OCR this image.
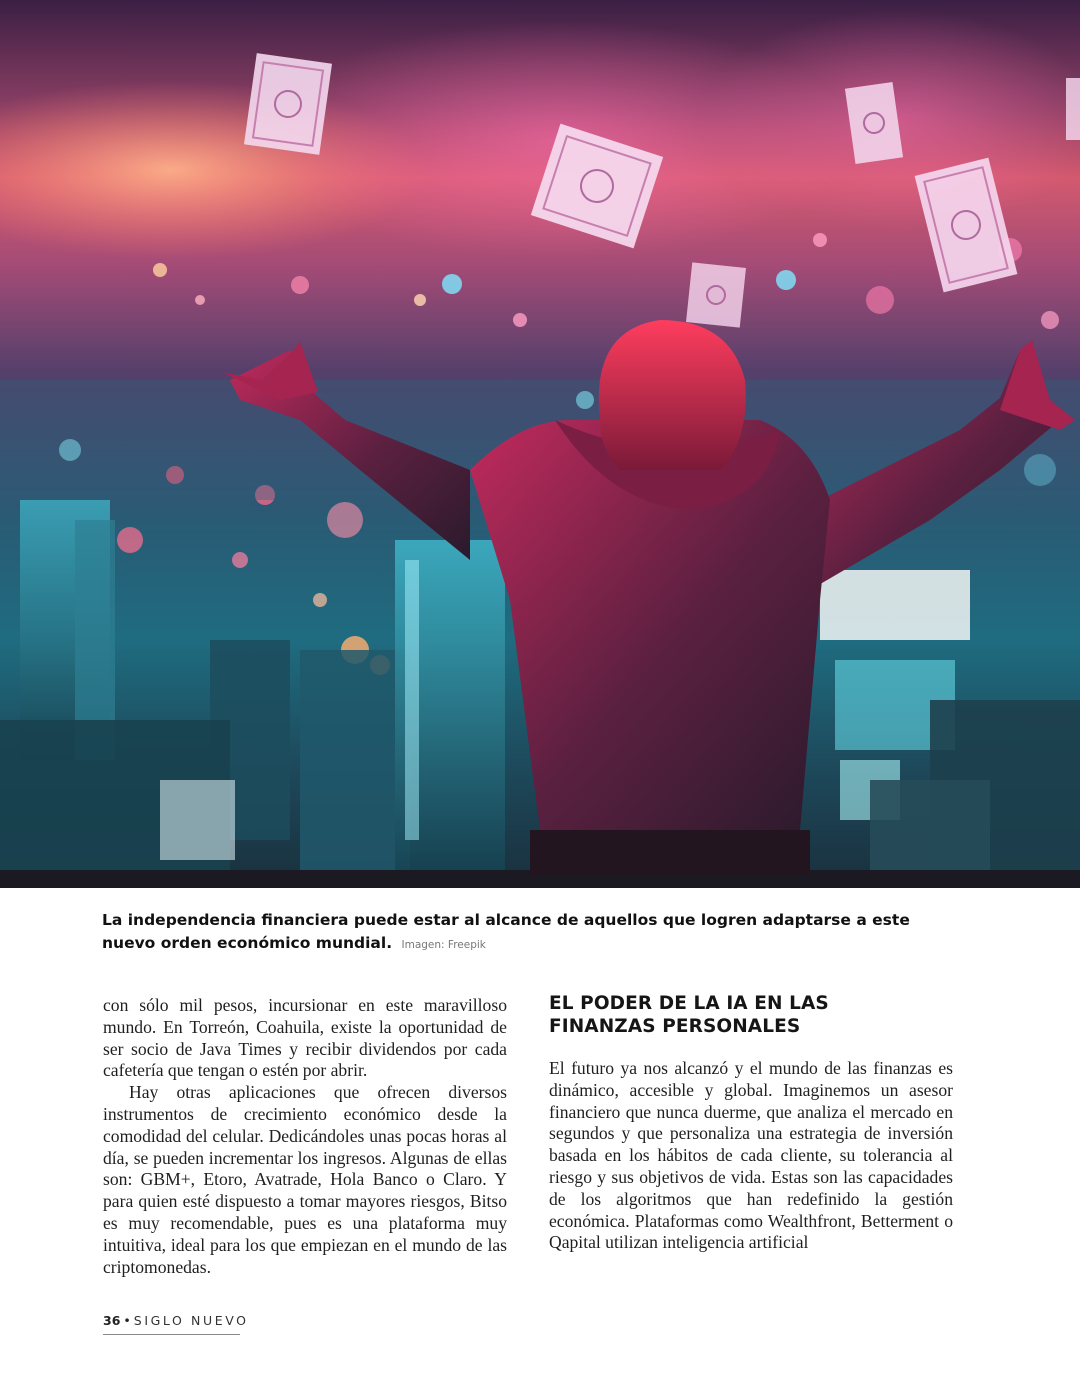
La independencia financiera puede estar al alcance de aquellos que logren adaptarse a este nuevo orden económico mundial. Imagen: Freepik

con sólo mil pesos, incursionar en este maravilloso mundo. En Torreón, Coahuila, existe la oportunidad de ser socio de Java Times y recibir dividendos por cada cafetería que tengan o estén por abrir.

Hay otras aplicaciones que ofrecen diversos instrumentos de crecimiento económico desde la comodidad del celular. Dedicándoles unas pocas horas al día, se pueden incrementar los ingresos. Algunas de ellas son: GBM+, Etoro, Avatrade, Hola Banco o Claro. Y para quien esté dispuesto a tomar mayores riesgos, Bitso es muy recomendable, pues es una plataforma muy intuitiva, ideal para los que empiezan en el mundo de las criptomonedas.

EL PODER DE LA IA EN LAS
FINANZAS PERSONALES

El futuro ya nos alcanzó y el mundo de las finanzas es dinámico, accesible y global. Imaginemos un asesor financiero que nunca duerme, que analiza el mercado en segundos y que personaliza una estrategia de inversión basada en los hábitos de cada cliente, su tolerancia al riesgo y sus objetivos de vida. Estas son las capacidades de los algoritmos que han redefinido la gestión económica. Plataformas como Wealthfront, Betterment o Qapital utilizan inteligencia artificial

36 • SIGLO NUEVO
